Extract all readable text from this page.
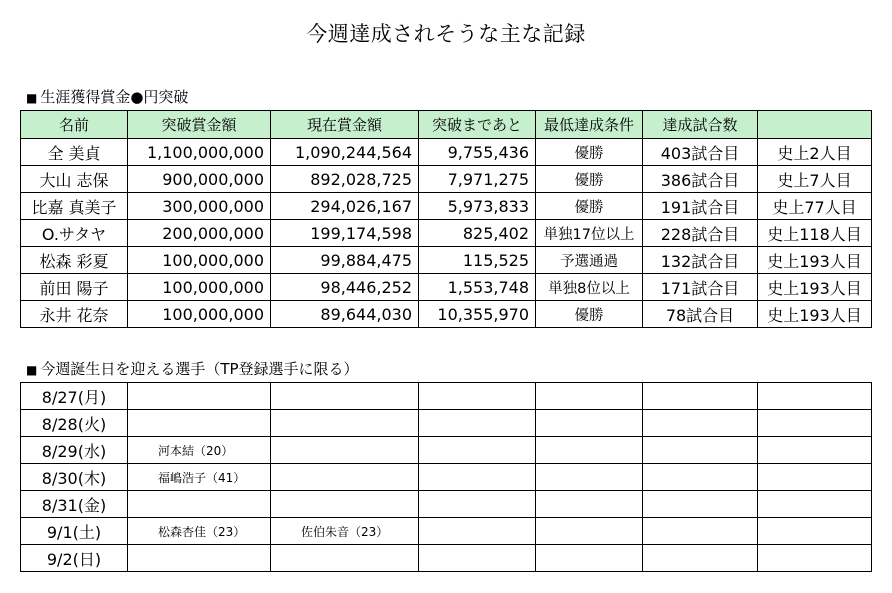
今週達成されそうな主な記録
■ 生涯獲得賞金●円突破
名前	突破賞金額	現在賞金額	突破まであと	最低達成条件	達成試合数	
全 美貞	1,100,000,000	1,090,244,564	9,755,436	優勝	403試合目	史上2人目
大山 志保	900,000,000	892,028,725	7,971,275	優勝	386試合目	史上7人目
比嘉 真美子	300,000,000	294,026,167	5,973,833	優勝	191試合目	史上77人目
O.サタヤ	200,000,000	199,174,598	825,402	単独17位以上	228試合目	史上118人目
松森 彩夏	100,000,000	99,884,475	115,525	予選通過	132試合目	史上193人目
前田 陽子	100,000,000	98,446,252	1,553,748	単独8位以上	171試合目	史上193人目
永井 花奈	100,000,000	89,644,030	10,355,970	優勝	78試合目	史上193人目
■ 今週誕生日を迎える選手（TP登録選手に限る）
8/27(月)						
8/28(火)						
8/29(水)	河本結（20）					
8/30(木)	福嶋浩子（41）					
8/31(金)						
9/1(土)	松森杏佳（23）	佐伯朱音（23）				
9/2(日)						
